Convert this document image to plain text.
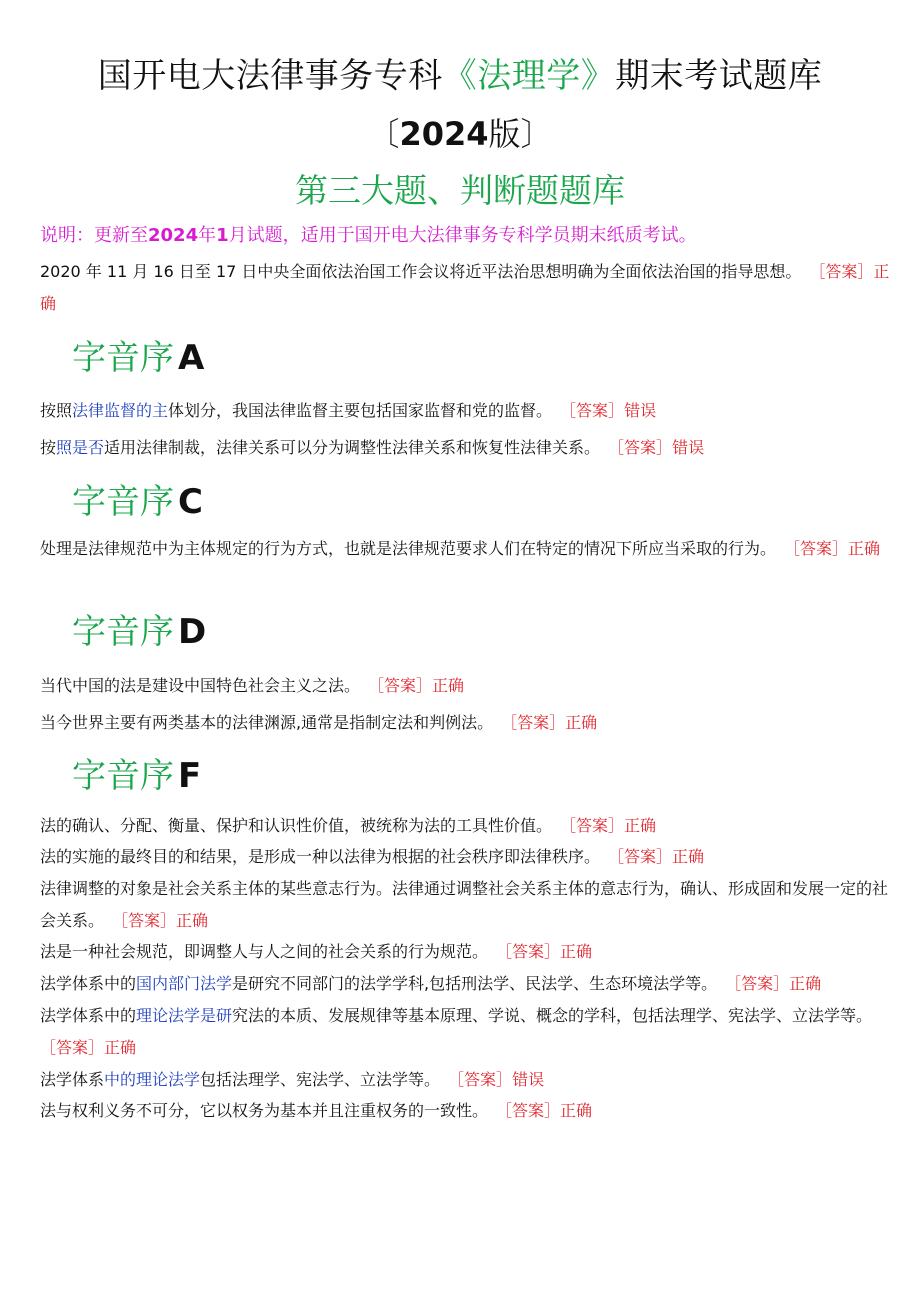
国开电大法律事务专科《法理学》期末考试题库
〔2024版〕
第三大题、判断题题库
说明：更新至2024年1月试题，适用于国开电大法律事务专科学员期末纸质考试。
2020 年 11 月 16 日至 17 日中央全面依法治国工作会议将近平法治思想明确为全面依法治国的指导思想。 ［答案］正确
字音序 A
按照法律监督的主体划分，我国法律监督主要包括国家监督和党的监督。 ［答案］错误
按照是否适用法律制裁，法律关系可以分为调整性法律关系和恢复性法律关系。 ［答案］错误
字音序 C
处理是法律规范中为主体规定的行为方式，也就是法律规范要求人们在特定的情况下所应当采取的行为。 ［答案］正确
字音序 D
当代中国的法是建设中国特色社会主义之法。 ［答案］正确
当今世界主要有两类基本的法律渊源,通常是指制定法和判例法。 ［答案］正确
字音序 F
法的确认、分配、衡量、保护和认识性价值，被统称为法的工具性价值。 ［答案］正确
法的实施的最终目的和结果，是形成一种以法律为根据的社会秩序即法律秩序。 ［答案］正确
法律调整的对象是社会关系主体的某些意志行为。法律通过调整社会关系主体的意志行为，确认、形成固和发展一定的社会关系。 ［答案］正确
法是一种社会规范，即调整人与人之间的社会关系的行为规范。 ［答案］正确
法学体系中的国内部门法学是研究不同部门的法学学科,包括刑法学、民法学、生态环境法学等。 ［答案］正确
法学体系中的理论法学是研究法的本质、发展规律等基本原理、学说、概念的学科，包括法理学、宪法学、立法学等。［答案］正确
法学体系中的理论法学包括法理学、宪法学、立法学等。 ［答案］错误
法与权利义务不可分，它以权务为基本并且注重权务的一致性。 ［答案］正确
